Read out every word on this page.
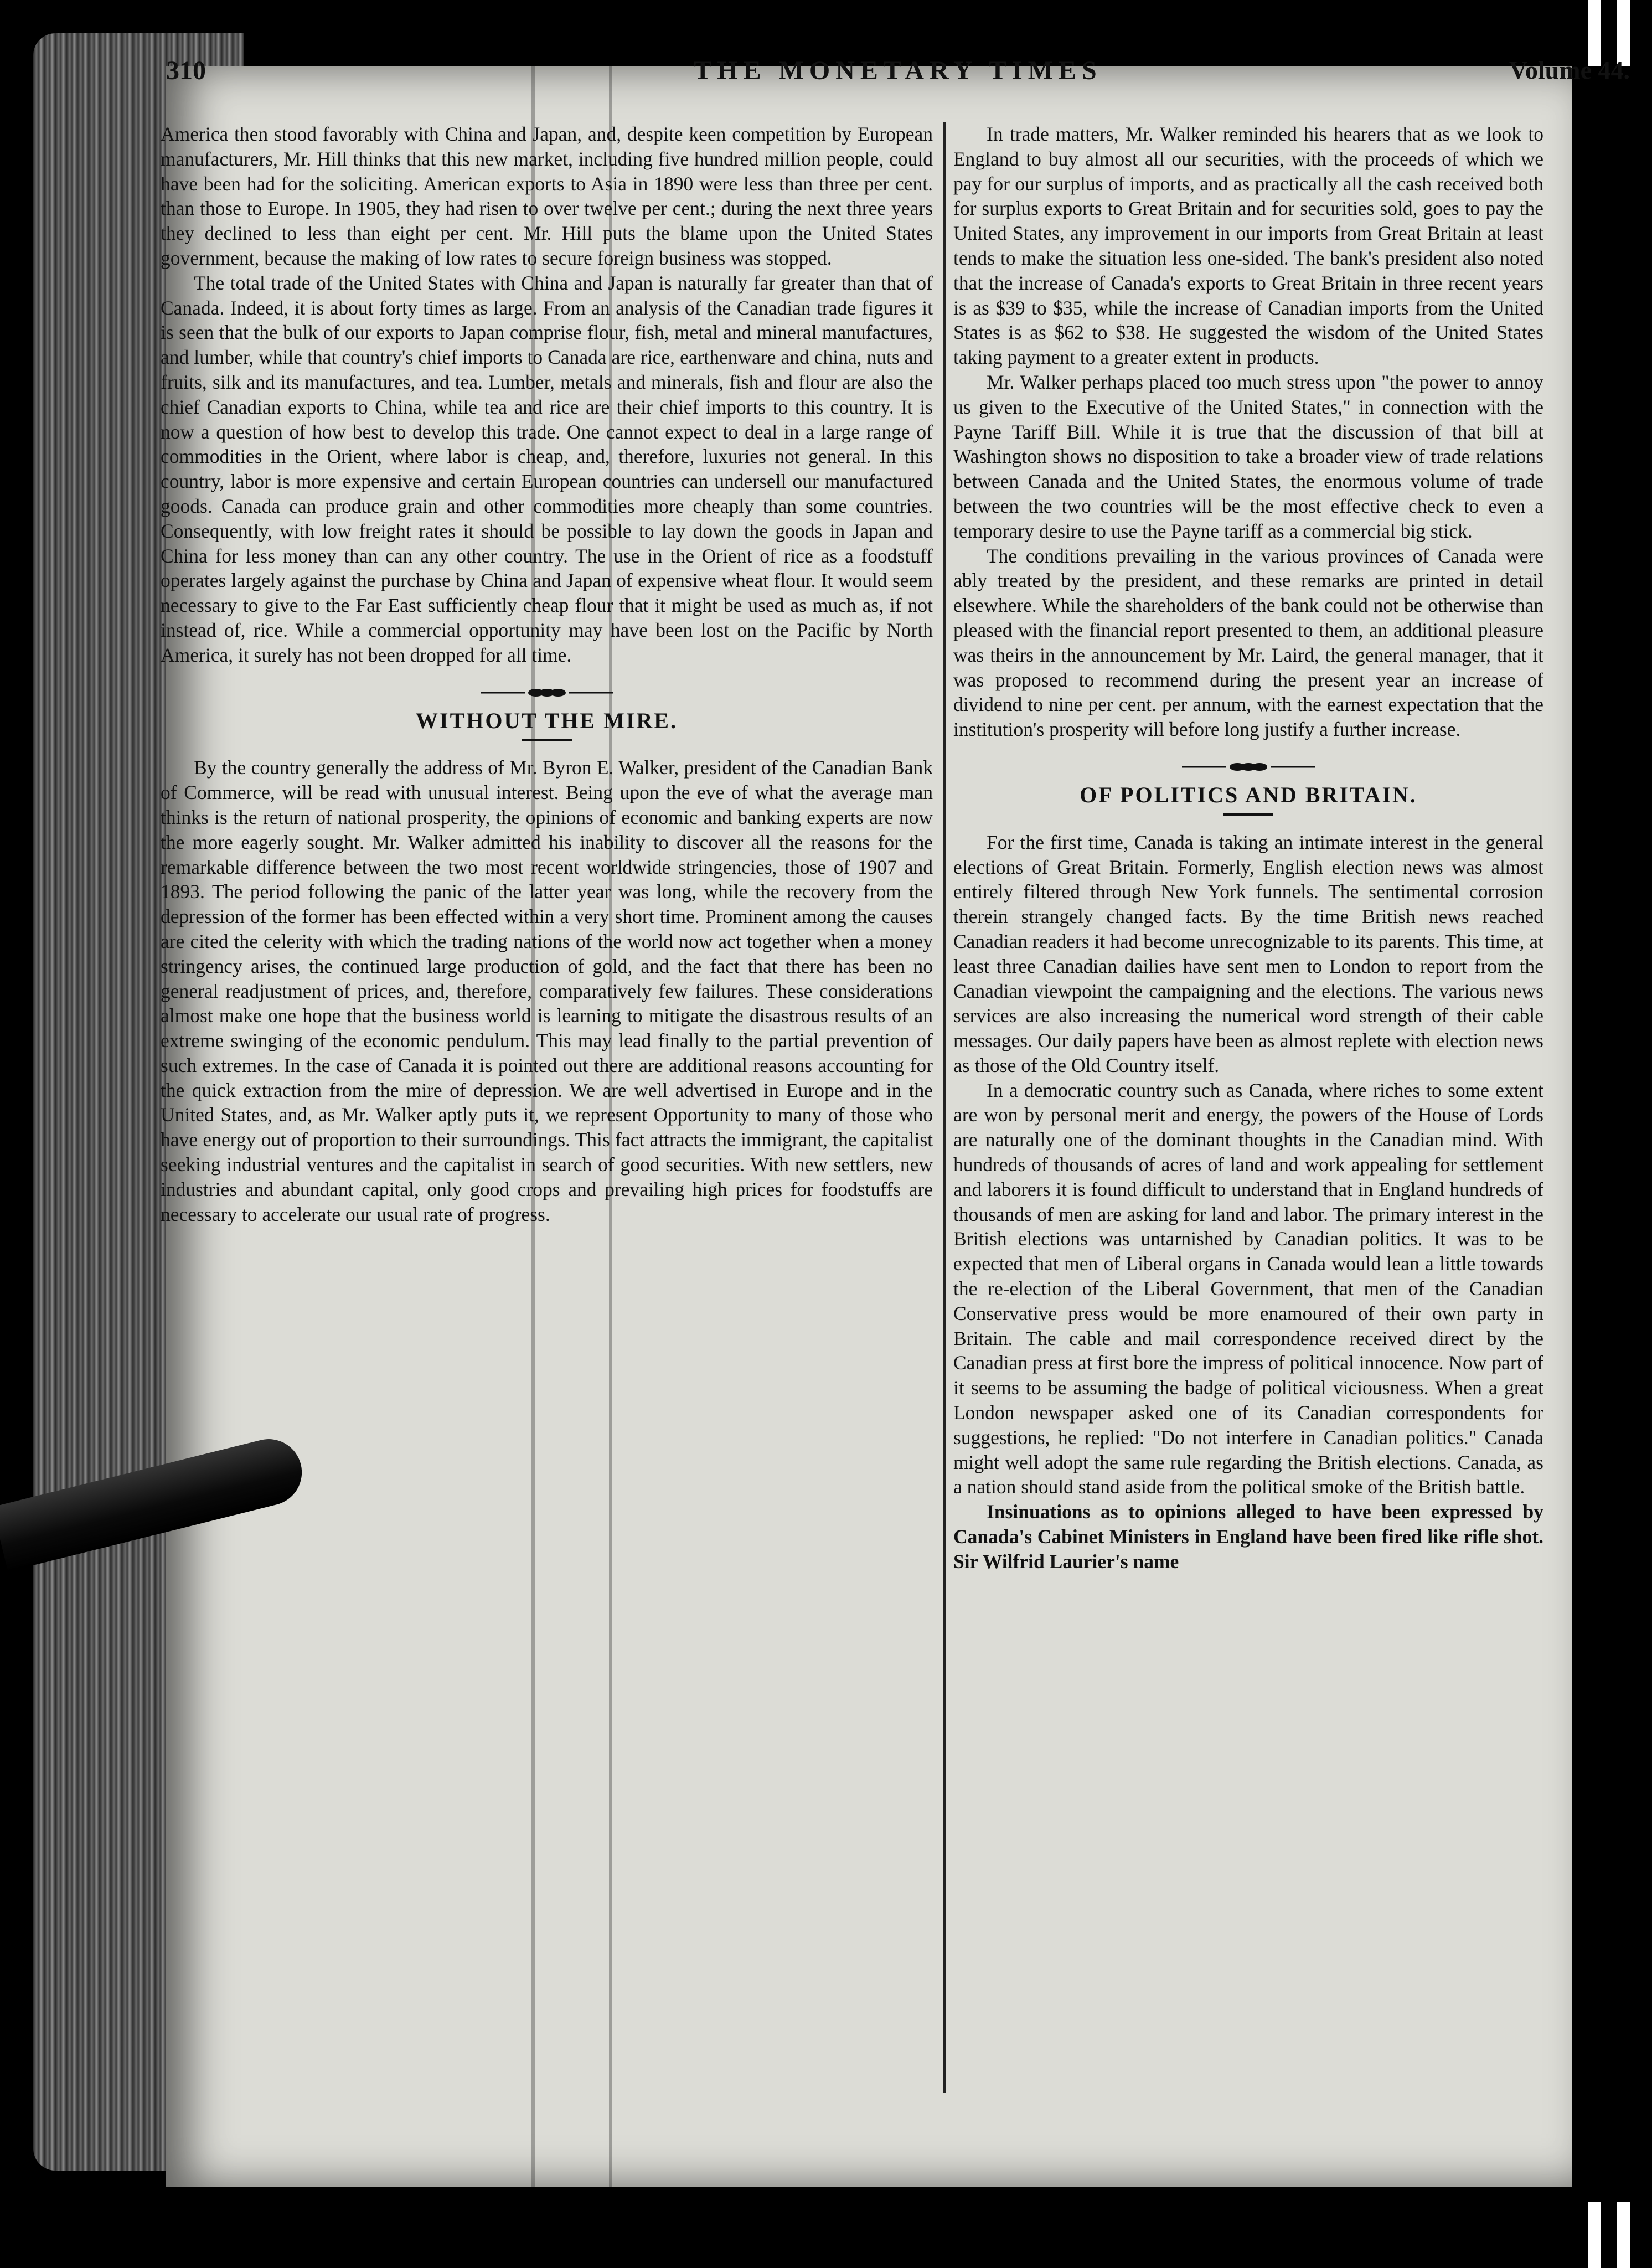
310	THE MONETARY TIMES	Volume 44.

America then stood favorably with China and Japan, and, despite keen competition by European manufacturers, Mr. Hill thinks that this new market, including five hundred million people, could have been had for the soliciting. American exports to Asia in 1890 were less than three per cent. than those to Europe. In 1905, they had risen to over twelve per cent.; during the next three years they declined to less than eight per cent. Mr. Hill puts the blame upon the United States government, because the making of low rates to secure foreign business was stopped.

The total trade of the United States with China and Japan is naturally far greater than that of Canada. Indeed, it is about forty times as large. From an analysis of the Canadian trade figures it is seen that the bulk of our exports to Japan comprise flour, fish, metal and mineral manufactures, and lumber, while that country's chief imports to Canada are rice, earthenware and china, nuts and fruits, silk and its manufactures, and tea. Lumber, metals and minerals, fish and flour are also the chief Canadian exports to China, while tea and rice are their chief imports to this country. It is now a question of how best to develop this trade. One cannot expect to deal in a large range of commodities in the Orient, where labor is cheap, and, therefore, luxuries not general. In this country, labor is more expensive and certain European countries can undersell our manufactured goods. Canada can produce grain and other commodities more cheaply than some countries. Consequently, with low freight rates it should be possible to lay down the goods in Japan and China for less money than can any other country. The use in the Orient of rice as a foodstuff operates largely against the purchase by China and Japan of expensive wheat flour. It would seem necessary to give to the Far East sufficiently cheap flour that it might be used as much as, if not instead of, rice. While a commercial opportunity may have been lost on the Pacific by North America, it surely has not been dropped for all time.

WITHOUT THE MIRE.

By the country generally the address of Mr. Byron E. Walker, president of the Canadian Bank of Commerce, will be read with unusual interest. Being upon the eve of what the average man thinks is the return of national prosperity, the opinions of economic and banking experts are now the more eagerly sought. Mr. Walker admitted his inability to discover all the reasons for the remarkable difference between the two most recent worldwide stringencies, those of 1907 and 1893. The period following the panic of the latter year was long, while the recovery from the depression of the former has been effected within a very short time. Prominent among the causes are cited the celerity with which the trading nations of the world now act together when a money stringency arises, the continued large production of gold, and the fact that there has been no general readjustment of prices, and, therefore, comparatively few failures. These considerations almost make one hope that the business world is learning to mitigate the disastrous results of an extreme swinging of the economic pendulum. This may lead finally to the partial prevention of such extremes. In the case of Canada it is pointed out there are additional reasons accounting for the quick extraction from the mire of depression. We are well advertised in Europe and in the United States, and, as Mr. Walker aptly puts it, we represent Opportunity to many of those who have energy out of proportion to their surroundings. This fact attracts the immigrant, the capitalist seeking industrial ventures and the capitalist in search of good securities. With new settlers, new industries and abundant capital, only good crops and prevailing high prices for foodstuffs are necessary to accelerate our usual rate of progress.

In trade matters, Mr. Walker reminded his hearers that as we look to England to buy almost all our securities, with the proceeds of which we pay for our surplus of imports, and as practically all the cash received both for surplus exports to Great Britain and for securities sold, goes to pay the United States, any improvement in our imports from Great Britain at least tends to make the situation less one-sided. The bank's president also noted that the increase of Canada's exports to Great Britain in three recent years is as $39 to $35, while the increase of Canadian imports from the United States is as $62 to $38. He suggested the wisdom of the United States taking payment to a greater extent in products.

Mr. Walker perhaps placed too much stress upon "the power to annoy us given to the Executive of the United States," in connection with the Payne Tariff Bill. While it is true that the discussion of that bill at Washington shows no disposition to take a broader view of trade relations between Canada and the United States, the enormous volume of trade between the two countries will be the most effective check to even a temporary desire to use the Payne tariff as a commercial big stick.

The conditions prevailing in the various provinces of Canada were ably treated by the president, and these remarks are printed in detail elsewhere. While the shareholders of the bank could not be otherwise than pleased with the financial report presented to them, an additional pleasure was theirs in the announcement by Mr. Laird, the general manager, that it was proposed to recommend during the present year an increase of dividend to nine per cent. per annum, with the earnest expectation that the institution's prosperity will before long justify a further increase.

OF POLITICS AND BRITAIN.

For the first time, Canada is taking an intimate interest in the general elections of Great Britain. Formerly, English election news was almost entirely filtered through New York funnels. The sentimental corrosion therein strangely changed facts. By the time British news reached Canadian readers it had become unrecognizable to its parents. This time, at least three Canadian dailies have sent men to London to report from the Canadian viewpoint the campaigning and the elections. The various news services are also increasing the numerical word strength of their cable messages. Our daily papers have been as almost replete with election news as those of the Old Country itself.

In a democratic country such as Canada, where riches to some extent are won by personal merit and energy, the powers of the House of Lords are naturally one of the dominant thoughts in the Canadian mind. With hundreds of thousands of acres of land and work appealing for settlement and laborers it is found difficult to understand that in England hundreds of thousands of men are asking for land and labor. The primary interest in the British elections was untarnished by Canadian politics. It was to be expected that men of Liberal organs in Canada would lean a little towards the re-election of the Liberal Government, that men of the Canadian Conservative press would be more enamoured of their own party in Britain. The cable and mail correspondence received direct by the Canadian press at first bore the impress of political innocence. Now part of it seems to be assuming the badge of political viciousness. When a great London newspaper asked one of its Canadian correspondents for suggestions, he replied: "Do not interfere in Canadian politics." Canada might well adopt the same rule regarding the British elections. Canada, as a nation should stand aside from the political smoke of the British battle.

Insinuations as to opinions alleged to have been expressed by Canada's Cabinet Ministers in England have been fired like rifle shot. Sir Wilfrid Laurier's name
